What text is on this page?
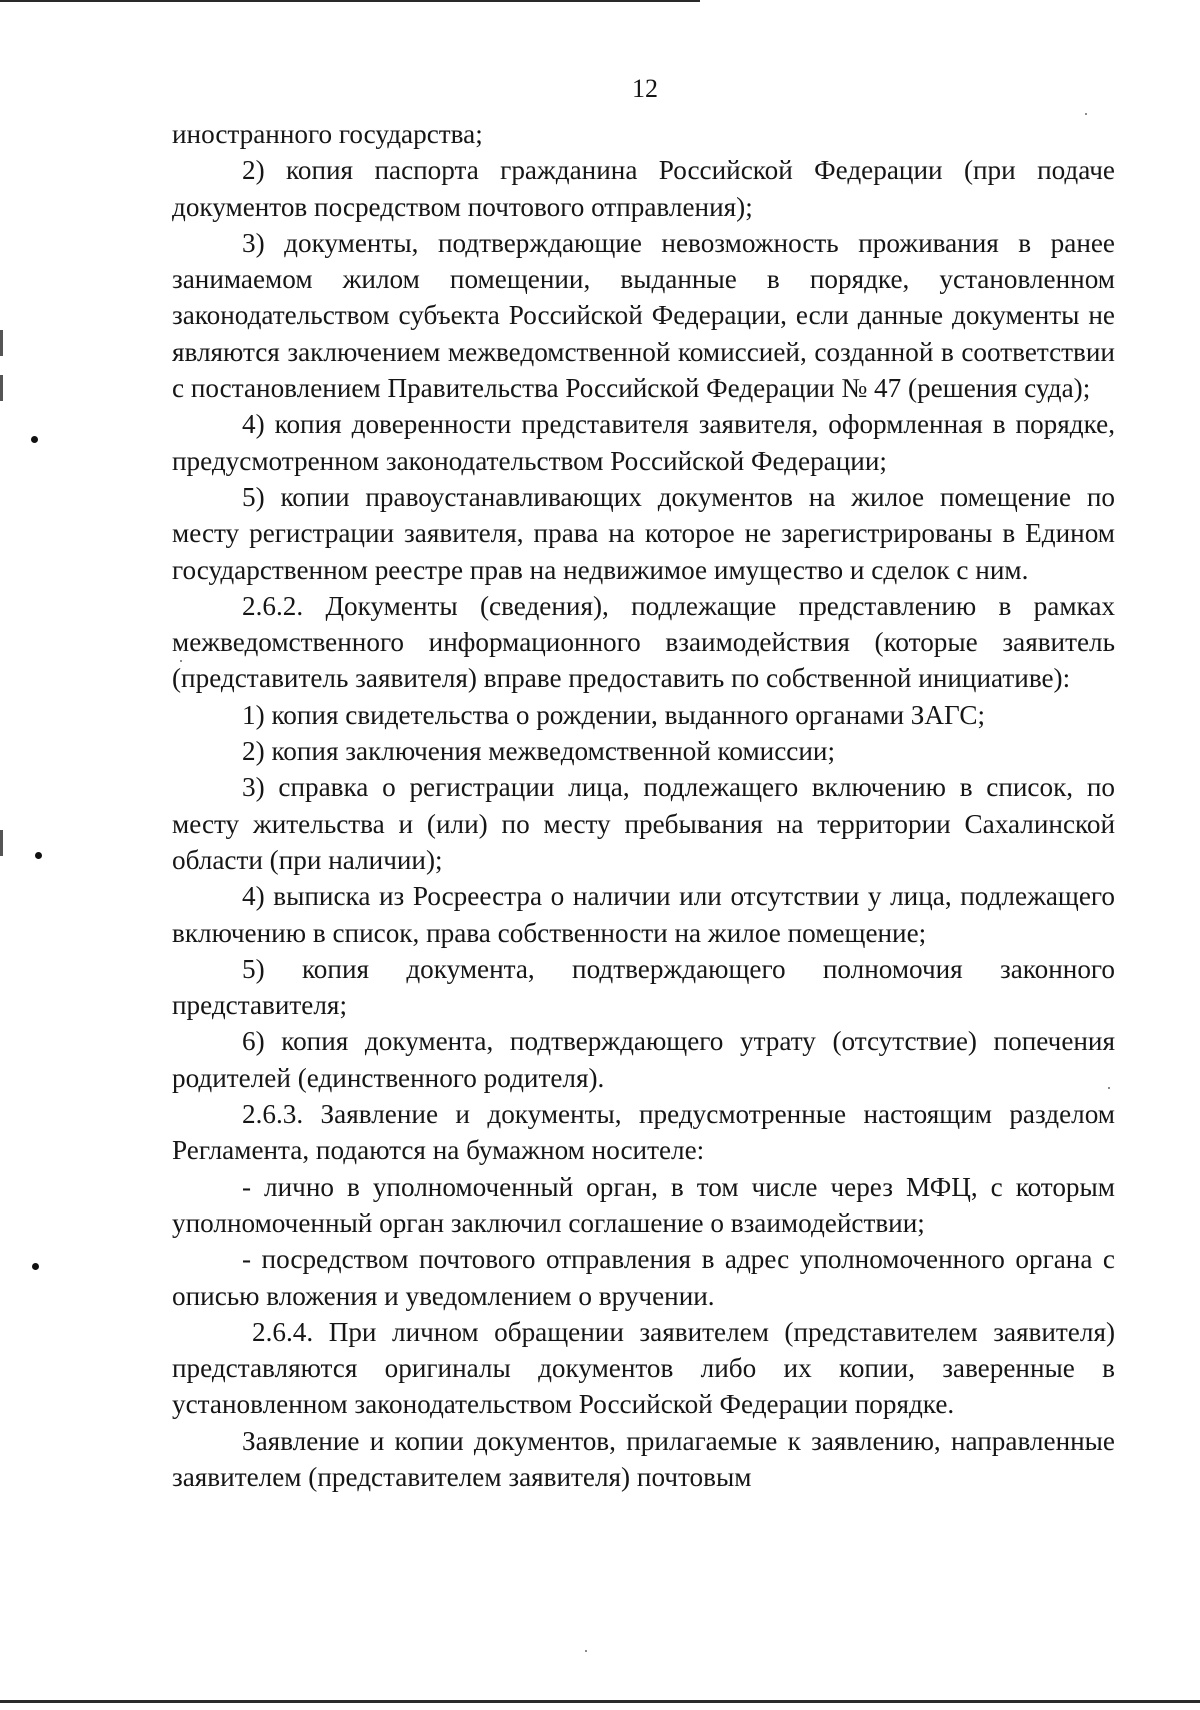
12

иностранного государства;

2) копия паспорта гражданина Российской Федерации (при подаче документов посредством почтового отправления);

3) документы, подтверждающие невозможность проживания в ранее занимаемом жилом помещении, выданные в порядке, установленном законодательством субъекта Российской Федерации, если данные документы не являются заключением межведомственной комиссией, созданной в соответствии с постановлением Правительства Российской Федерации № 47 (решения суда);

4) копия доверенности представителя заявителя, оформленная в порядке, предусмотренном законодательством Российской Федерации;

5) копии правоустанавливающих документов на жилое помещение по месту регистрации заявителя, права на которое не зарегистрированы в Едином государственном реестре прав на недвижимое имущество и сделок с ним.

2.6.2. Документы (сведения), подлежащие представлению в рамках межведомственного информационного взаимодействия (которые заявитель (представитель заявителя) вправе предоставить по собственной инициативе):

1) копия свидетельства о рождении, выданного органами ЗАГС;

2) копия заключения межведомственной комиссии;

3) справка о регистрации лица, подлежащего включению в список, по месту жительства и (или) по месту пребывания на территории Сахалинской области (при наличии);

4) выписка из Росреестра о наличии или отсутствии у лица, подлежащего включению в список, права собственности на жилое помещение;

5) копия документа, подтверждающего полномочия законного представителя;

6) копия документа, подтверждающего утрату (отсутствие) попечения родителей (единственного родителя).

2.6.3. Заявление и документы, предусмотренные настоящим разделом Регламента, подаются на бумажном носителе:

- лично в уполномоченный орган, в том числе через МФЦ, с которым уполномоченный орган заключил соглашение о взаимодействии;

- посредством почтового отправления в адрес уполномоченного органа с описью вложения и уведомлением о вручении.

2.6.4. При личном обращении заявителем (представителем заявителя) представляются оригиналы документов либо их копии, заверенные в установленном законодательством Российской Федерации порядке.

Заявление и копии документов, прилагаемые к заявлению, направленные заявителем (представителем заявителя) почтовым
